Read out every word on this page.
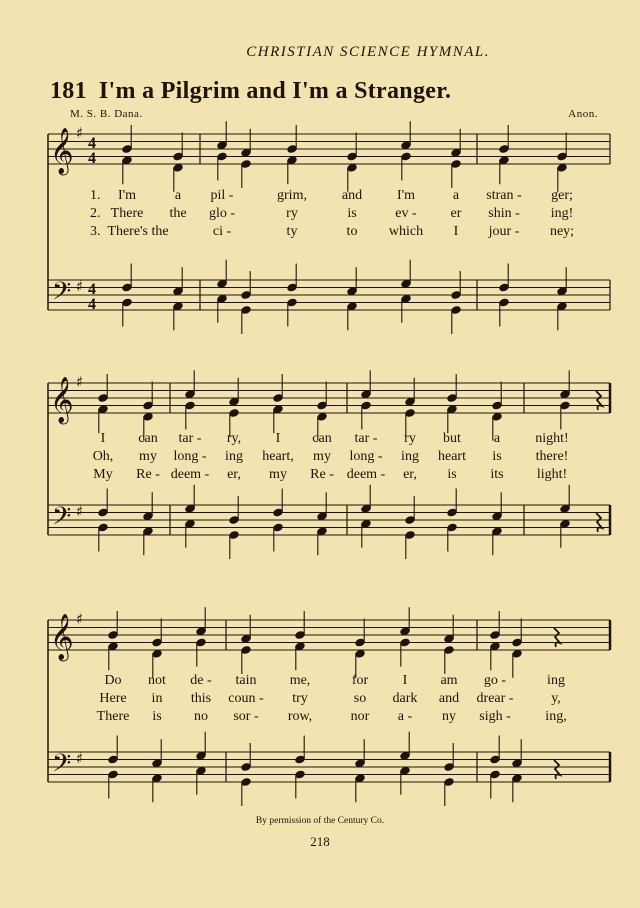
CHRISTIAN SCIENCE HYMNAL.
181 I'm a Pilgrim and I'm a Stranger.
M. S. B. Dana.	Anon.
𝄞
𝄢
♯
♯
4
4
4
4
𝄞
𝄢
♯
♯
𝄞
𝄢
♯
♯
1. I'm	a pil -	grim, and I'm	a stran - ger;
2. There the glo -	ry	is	ev - er shin - ing!
3. There's the	ci -	ty	to which I jour - ney;
I can tar - ry, I can tar - ry but a	night!
Oh, my long - ing heart, my long - ing heart is there!
My Re - deem - er, my Re - deem - er, is its light!
Do not de - tain me,	for I am go -	ing
Here in this coun - try	so dark and drear -	y,
There is no sor - row,	nor a - ny sigh - ing,
By permission of the Century Co.
218
